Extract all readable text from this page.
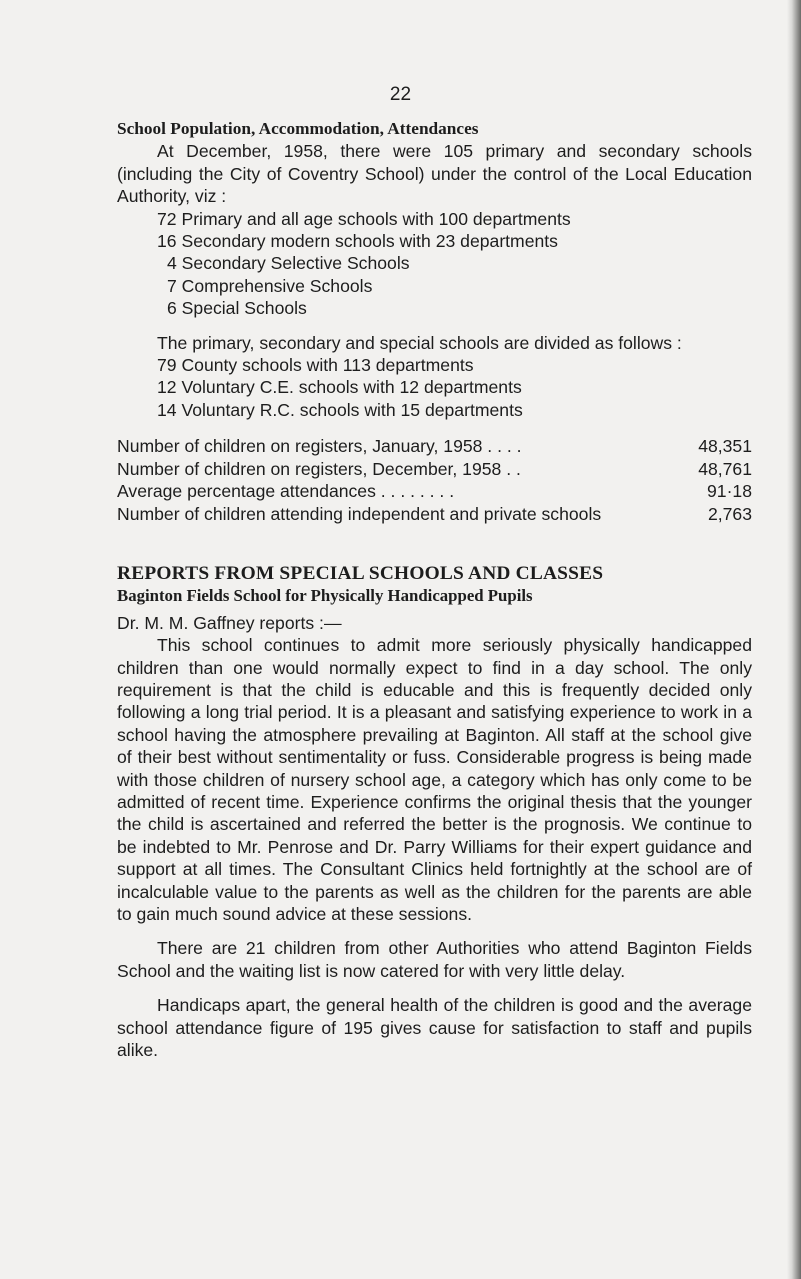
22

School Population, Accommodation, Attendances

At December, 1958, there were 105 primary and secondary schools (including the City of Coventry School) under the control of the Local Education Authority, viz :

72 Primary and all age schools with 100 departments
16 Secondary modern schools with 23 departments
4 Secondary Selective Schools
7 Comprehensive Schools
6 Special Schools

The primary, secondary and special schools are divided as follows :

79 County schools with 113 departments
12 Voluntary C.E. schools with 12 departments
14 Voluntary R.C. schools with 15 departments
Number of children on registers, January, 1958 . . . .	48,351
Number of children on registers, December, 1958 . .	48,761
Average percentage attendances . . . . . . . .	91·18
Number of children attending independent and private schools	2,763

REPORTS FROM SPECIAL SCHOOLS AND CLASSES

Baginton Fields School for Physically Handicapped Pupils

Dr. M. M. Gaffney reports :—

This school continues to admit more seriously physically handicapped children than one would normally expect to find in a day school. The only requirement is that the child is educable and this is frequently decided only following a long trial period. It is a pleasant and satisfying experience to work in a school having the atmosphere prevailing at Baginton. All staff at the school give of their best without sentimentality or fuss. Considerable progress is being made with those children of nursery school age, a category which has only come to be admitted of recent time. Experience confirms the original thesis that the younger the child is ascertained and referred the better is the prognosis. We continue to be indebted to Mr. Penrose and Dr. Parry Williams for their expert guidance and support at all times. The Consultant Clinics held fortnightly at the school are of incalculable value to the parents as well as the children for the parents are able to gain much sound advice at these sessions.

There are 21 children from other Authorities who attend Baginton Fields School and the waiting list is now catered for with very little delay.

Handicaps apart, the general health of the children is good and the average school attendance figure of 195 gives cause for satisfaction to staff and pupils alike.
